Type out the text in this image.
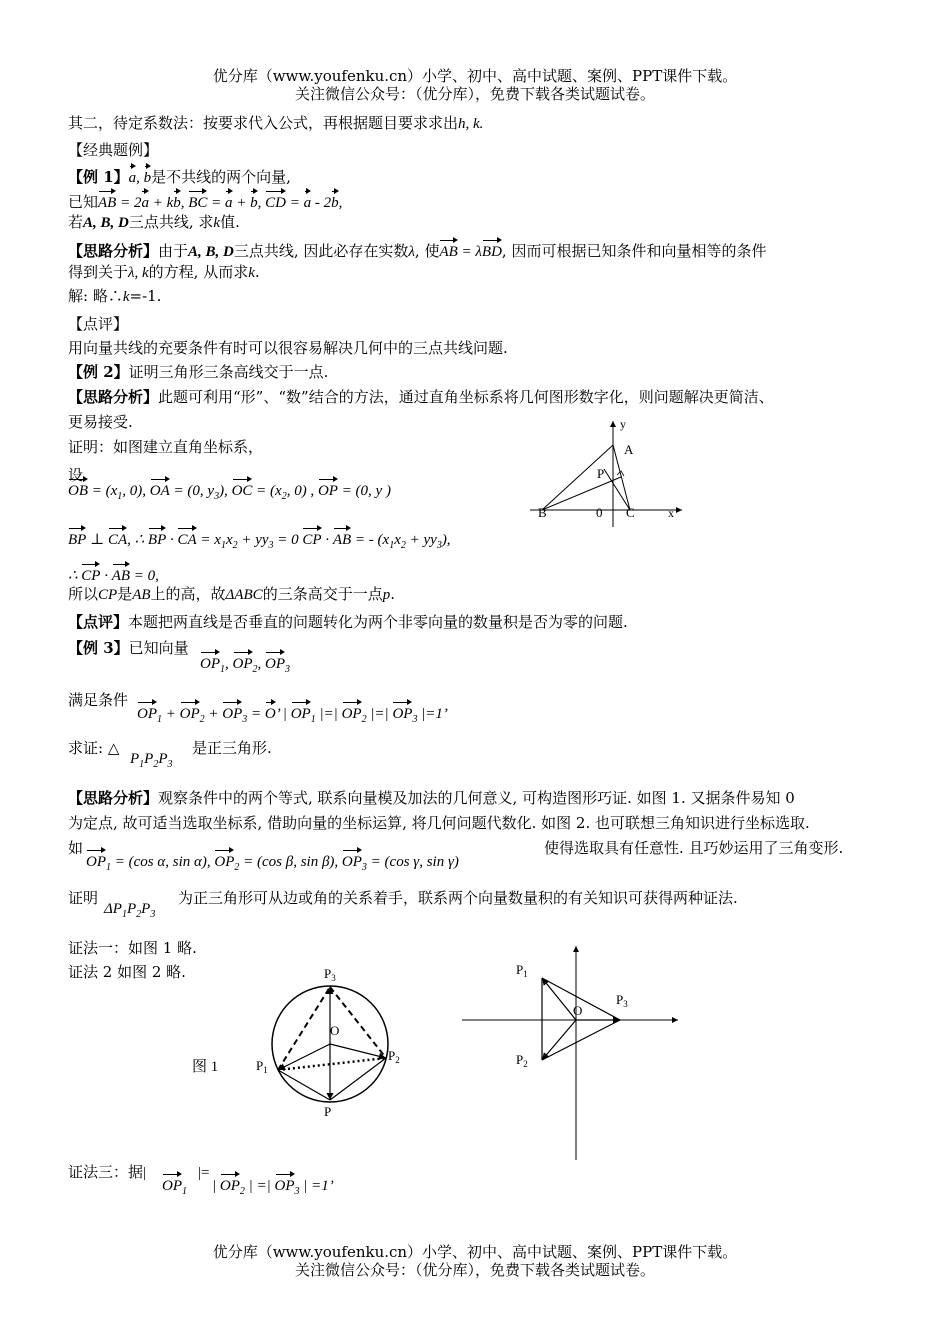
优分库（www.youfenku.cn）小学、初中、高中试题、案例、PPT课件下载。
关注微信公众号：（优分库），免费下载各类试题试卷。
其二，待定系数法：按要求代入公式，再根据题目要求求出h, k.
【经典题例】
【例 1】a, b是不共线的两个向量,
已知AB = 2a + kb, BC = a + b, CD = a - 2b,
若A, B, D三点共线, 求k值.
【思路分析】由于A, B, D三点共线, 因此必存在实数λ, 使AB = λBD, 因而可根据已知条件和向量相等的条件
得到关于λ, k的方程, 从而求k.
解: 略∴k=-1.
【点评】
用向量共线的充要条件有时可以很容易解决几何中的三点共线问题.
【例 2】证明三角形三条高线交于一点.
【思路分析】此题可利用“形”、“数”结合的方法，通过直角坐标系将几何图形数字化，则问题解决更简洁、
更易接受.
证明：如图建立直角坐标系，
设
OB = ($x_1$, 0), OA = (0, $y_3$), OC = ($x_2$, 0) , OP = (0, y )
BP ⊥ CA, ∴ BP · CA = $x_1x_2 + yy_3 = 0$ CP · AB = - $(x_1x_2 + yy_3)$,
∴ CP · AB = 0,
所以CP是AB上的高，故ΔABC的三条高交于一点p.
【点评】本题把两直线是否垂直的问题转化为两个非零向量的数量积是否为零的问题.
【例 3】已知向量
$OP_1$, $OP_2$, $OP_3$
满足条件
$OP_1 + OP_2 + OP_3 = O$’ | $OP_1$ |=| $OP_2$ |=| $OP_3$ |=1’
求证: △
$P_1P_2P_3$
是正三角形.
【思路分析】观察条件中的两个等式, 联系向量模及加法的几何意义, 可构造图形巧证. 如图 1. 又据条件易知 0
为定点, 故可适当选取坐标系, 借助向量的坐标运算, 将几何问题代数化. 如图 2. 也可联想三角知识进行坐标选取.
如
$OP_1 = (\cos$ α, sin α), $OP_2 = (\cos$ β, sin β), $OP_3 = (\cos$ γ, sin γ)
使得选取具有任意性. 且巧妙运用了三角变形.
证明
$\Delta P_1P_2P_3$
为正三角形可从边或角的关系着手，联系两个向量数量积的有关知识可获得两种证法.
证法一：如图 1 略.
证法 2 如图 2 略.
证法三：据|
$OP_1$
|=
| $OP_2$ | =| $OP_3$ | =1’
y
A
P
B	0 C	x
图 1
$P_3$
O
$P_1$
$P_2$
P
$P_1$
$P_3$
O
$P_2$
优分库（www.youfenku.cn）小学、初中、高中试题、案例、PPT课件下载。
关注微信公众号：（优分库），免费下载各类试题试卷。
